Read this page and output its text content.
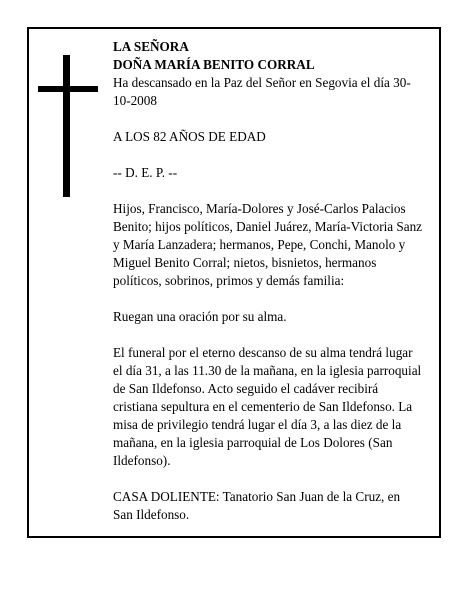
LA SEÑORA

DOÑA MARÍA BENITO CORRAL

Ha descansado en la Paz del Señor en Segovia el día 30-
10-2008

A LOS 82 AÑOS DE EDAD

-- D. E. P. --

Hijos, Francisco, María-Dolores y José-Carlos Palacios Benito; hijos políticos, Daniel Juárez, María-Victoria Sanz y María Lanzadera; hermanos, Pepe, Conchi, Manolo y Miguel Benito Corral; nietos, bisnietos, hermanos políticos, sobrinos, primos y demás familia:

Ruegan una oración por su alma.

El funeral por el eterno descanso de su alma tendrá lugar el día 31, a las 11.30 de la mañana, en la iglesia parroquial de San Ildefonso. Acto seguido el cadáver recibirá cristiana sepultura en el cementerio de San Ildefonso. La misa de privilegio tendrá lugar el día 3, a las diez de la mañana, en la iglesia parroquial de Los Dolores (San Ildefonso).

CASA DOLIENTE: Tanatorio San Juan de la Cruz, en San Ildefonso.
